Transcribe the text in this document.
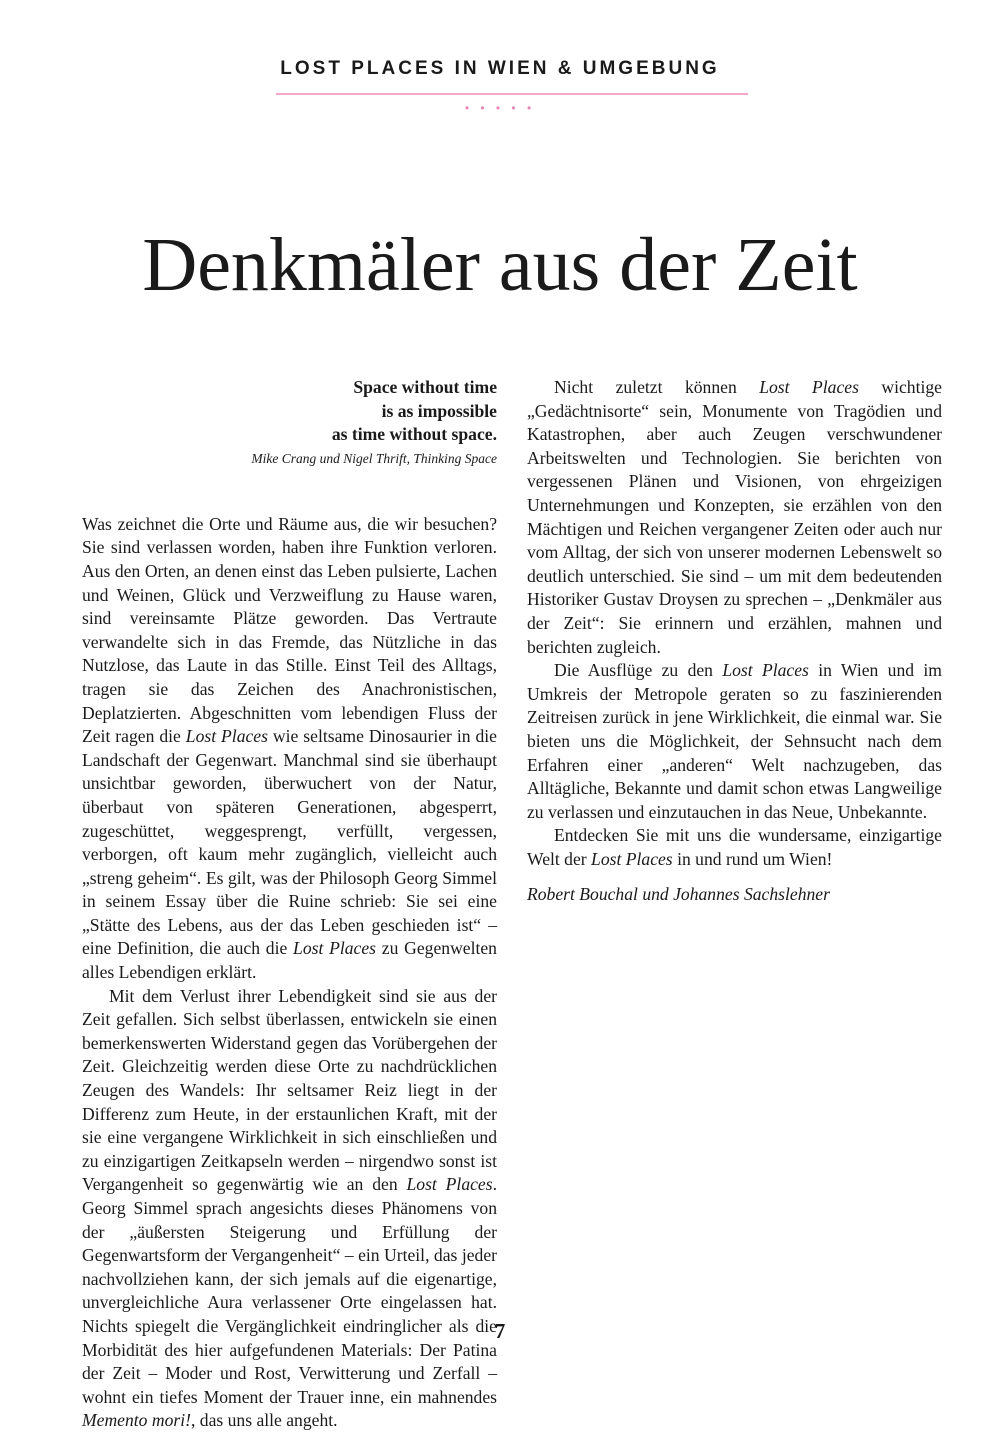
LOST PLACES IN WIEN & UMGEBUNG
• • • • •
Denkmäler aus der Zeit
Space without time
is as impossible
as time without space.
Mike Crang und Nigel Thrift, Thinking Space

Was zeichnet die Orte und Räume aus, die wir besuchen? Sie sind verlassen worden, haben ihre Funktion verloren. Aus den Orten, an denen einst das Leben pulsierte, Lachen und Weinen, Glück und Verzweiflung zu Hause waren, sind vereinsamte Plätze geworden. Das Vertraute verwandelte sich in das Fremde, das Nützliche in das Nutzlose, das Laute in das Stille. Einst Teil des Alltags, tragen sie das Zeichen des Anachronistischen, Deplatzierten. Abgeschnitten vom lebendigen Fluss der Zeit ragen die Lost Places wie seltsame Dinosaurier in die Landschaft der Gegenwart. Manchmal sind sie überhaupt unsichtbar geworden, überwuchert von der Natur, überbaut von späteren Generationen, abgesperrt, zugeschüttet, weggesprengt, verfüllt, vergessen, verborgen, oft kaum mehr zugänglich, vielleicht auch „streng geheim“. Es gilt, was der Philosoph Georg Simmel in seinem Essay über die Ruine schrieb: Sie sei eine „Stätte des Lebens, aus der das Leben geschieden ist“ – eine Definition, die auch die Lost Places zu Gegenwelten alles Lebendigen erklärt.

Mit dem Verlust ihrer Lebendigkeit sind sie aus der Zeit gefallen. Sich selbst überlassen, entwickeln sie einen bemerkenswerten Widerstand gegen das Vorübergehen der Zeit. Gleichzeitig werden diese Orte zu nachdrücklichen Zeugen des Wandels: Ihr seltsamer Reiz liegt in der Differenz zum Heute, in der erstaunlichen Kraft, mit der sie eine vergangene Wirklichkeit in sich einschließen und zu einzigartigen Zeitkapseln werden – nirgendwo sonst ist Vergangenheit so gegenwärtig wie an den Lost Places. Georg Simmel sprach angesichts dieses Phänomens von der „äußersten Steigerung und Erfüllung der Gegenwartsform der Vergangenheit“ – ein Urteil, das jeder nachvollziehen kann, der sich jemals auf die eigenartige, unvergleichliche Aura verlassener Orte eingelassen hat. Nichts spiegelt die Vergänglichkeit eindringlicher als die Morbidität des hier aufgefundenen Materials: Der Patina der Zeit – Moder und Rost, Verwitterung und Zerfall – wohnt ein tiefes Moment der Trauer inne, ein mahnendes Memento mori!, das uns alle angeht.

Nicht zuletzt können Lost Places wichtige „Gedächtnisorte“ sein, Monumente von Tragödien und Katastrophen, aber auch Zeugen verschwundener Arbeitswelten und Technologien. Sie berichten von vergessenen Plänen und Visionen, von ehrgeizigen Unternehmungen und Konzepten, sie erzählen von den Mächtigen und Reichen vergangener Zeiten oder auch nur vom Alltag, der sich von unserer modernen Lebenswelt so deutlich unterschied. Sie sind – um mit dem bedeutenden Historiker Gustav Droysen zu sprechen – „Denkmäler aus der Zeit“: Sie erinnern und erzählen, mahnen und berichten zugleich.

Die Ausflüge zu den Lost Places in Wien und im Umkreis der Metropole geraten so zu faszinierenden Zeitreisen zurück in jene Wirklichkeit, die einmal war. Sie bieten uns die Möglichkeit, der Sehnsucht nach dem Erfahren einer „anderen“ Welt nachzugeben, das Alltägliche, Bekannte und damit schon etwas Langweilige zu verlassen und einzutauchen in das Neue, Unbekannte.

Entdecken Sie mit uns die wundersame, einzigartige Welt der Lost Places in und rund um Wien!

Robert Bouchal und Johannes Sachslehner

7
